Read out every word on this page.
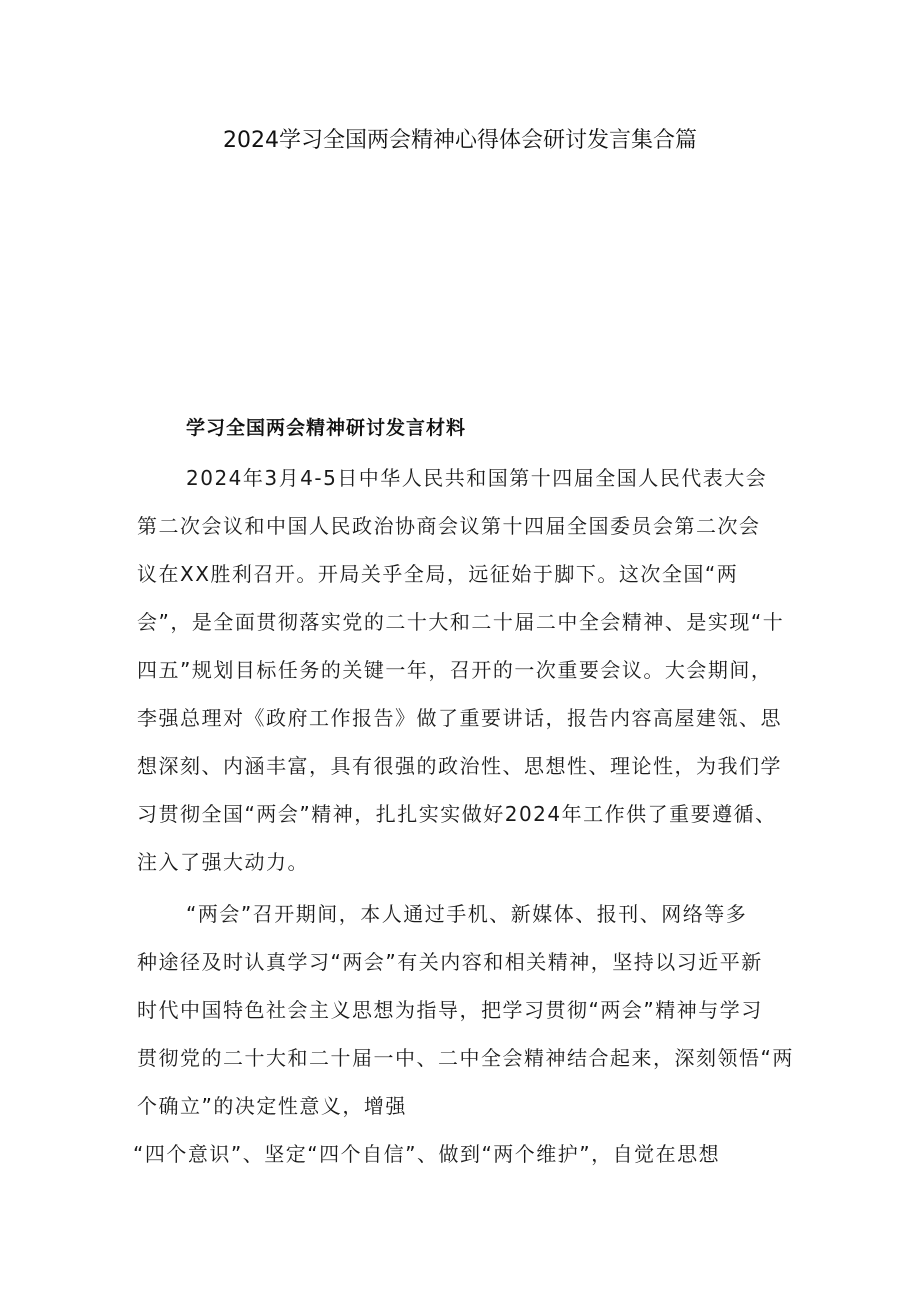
2024学习全国两会精神心得体会研讨发言集合篇
学习全国两会精神研讨发言材料
2024年3月4-5日中华人民共和国第十四届全国人民代表大会
第二次会议和中国人民政治协商会议第十四届全国委员会第二次会
议在XX胜利召开。开局关乎全局，远征始于脚下。这次全国“两
会”，是全面贯彻落实党的二十大和二十届二中全会精神、是实现“十
四五”规划目标任务的关键一年，召开的一次重要会议。大会期间，
李强总理对《政府工作报告》做了重要讲话，报告内容高屋建瓴、思
想深刻、内涵丰富，具有很强的政治性、思想性、理论性，为我们学
习贯彻全国“两会”精神，扎扎实实做好2024年工作供了重要遵循、
注入了强大动力。
“两会”召开期间，本人通过手机、新媒体、报刊、网络等多
种途径及时认真学习“两会”有关内容和相关精神，坚持以习近平新
时代中国特色社会主义思想为指导，把学习贯彻“两会”精神与学习
贯彻党的二十大和二十届一中、二中全会精神结合起来，深刻领悟“两
个确立”的决定性意义，增强
“四个意识”、坚定“四个自信”、做到“两个维护”，自觉在思想
